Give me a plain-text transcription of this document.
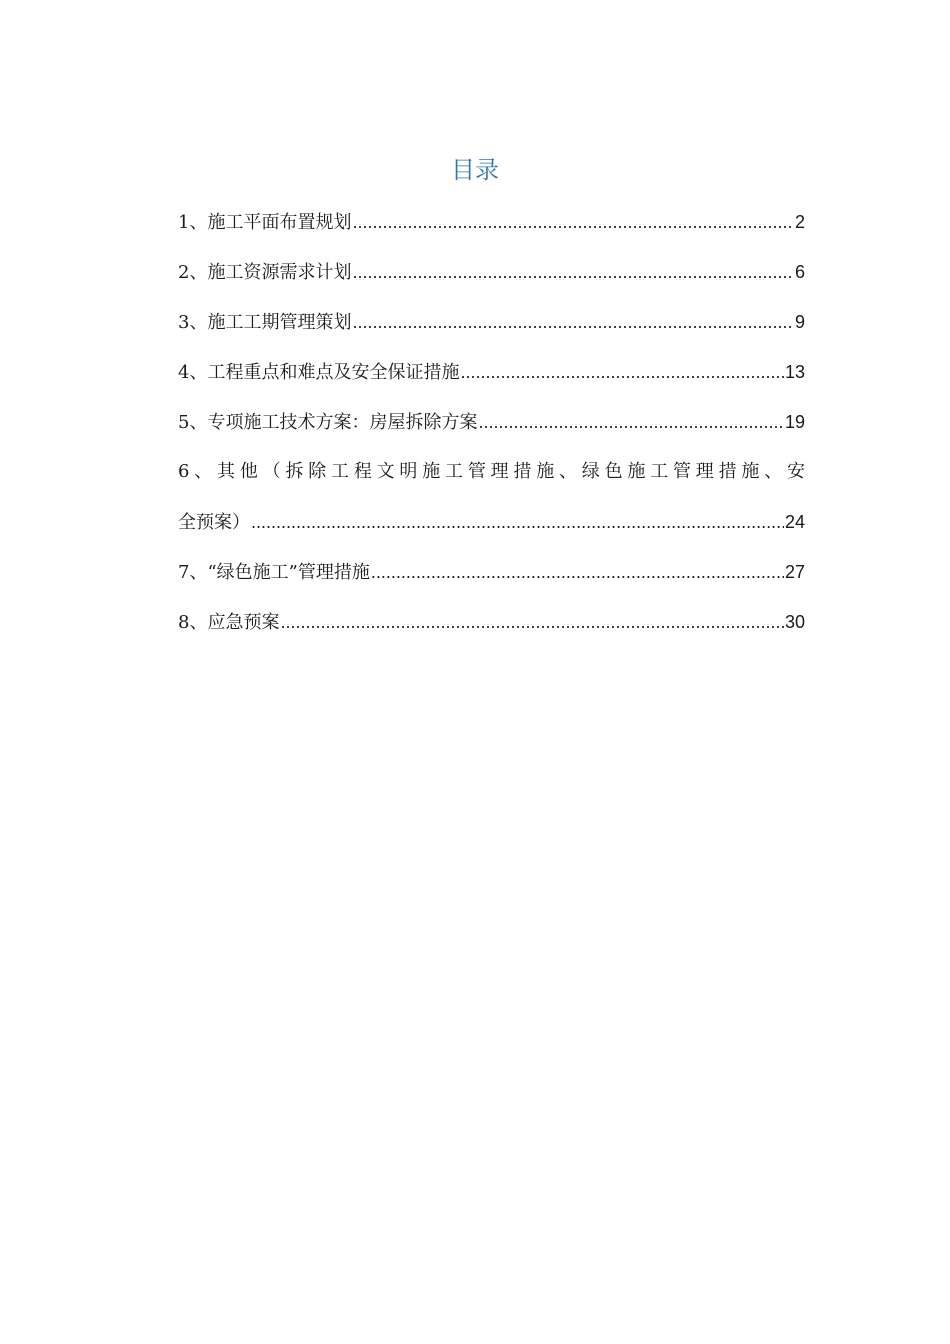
目录
1、施工平面布置规划 .....	2
2、施工资源需求计划 .....	6
3、施工工期管理策划 .....	9
4、工程重点和难点及安全保证措施 .....	13
5、专项施工技术方案：房屋拆除方案 .....	19
6、其他（拆除工程文明施工管理措施、绿色施工管理措施、安
全预案） .....	24
7、“绿色施工”管理措施 .....	27
8、应急预案 .....	30
